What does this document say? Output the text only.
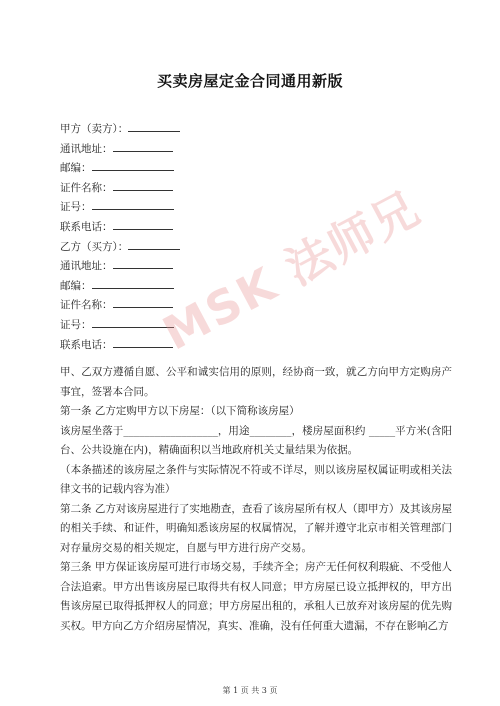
买卖房屋定金合同通用新版
甲方（卖方）：
通讯地址：
邮编：
证件名称：
证号：
联系电话：
乙方（买方）：
通讯地址：
邮编：
证件名称：
证号：
联系电话：

甲、乙双方遵循自愿、公平和诚实信用的原则，经协商一致，就乙方向甲方定购房产事宜，签署本合同。

第一条 乙方定购甲方以下房屋：（以下简称该房屋）

该房屋坐落于__________________，用途________，楼房屋面积约 _____平方米(含阳台、公共设施在内)，精确面积以当地政府机关丈量结果为依据。

（本条描述的该房屋之条件与实际情况不符或不详尽，则以该房屋权属证明或相关法律文书的记载内容为准）

第二条 乙方对该房屋进行了实地勘查，查看了该房屋所有权人（即甲方）及其该房屋的相关手续、和证件，明确知悉该房屋的权属情况，了解并遵守北京市相关管理部门对存量房交易的相关规定，自愿与甲方进行房产交易。

第三条 甲方保证该房屋可进行市场交易，手续齐全；房产无任何权利瑕疵、不受他人合法追索。甲方出售该房屋已取得共有权人同意；甲方房屋已设立抵押权的，甲方出售该房屋已取得抵押权人的同意；甲方房屋出租的，承租人已放弃对该房屋的优先购买权。甲方向乙方介绍房屋情况，真实、准确，没有任何重大遗漏，不存在影响乙方

MSK 法师兄
第 1 页 共 3 页
